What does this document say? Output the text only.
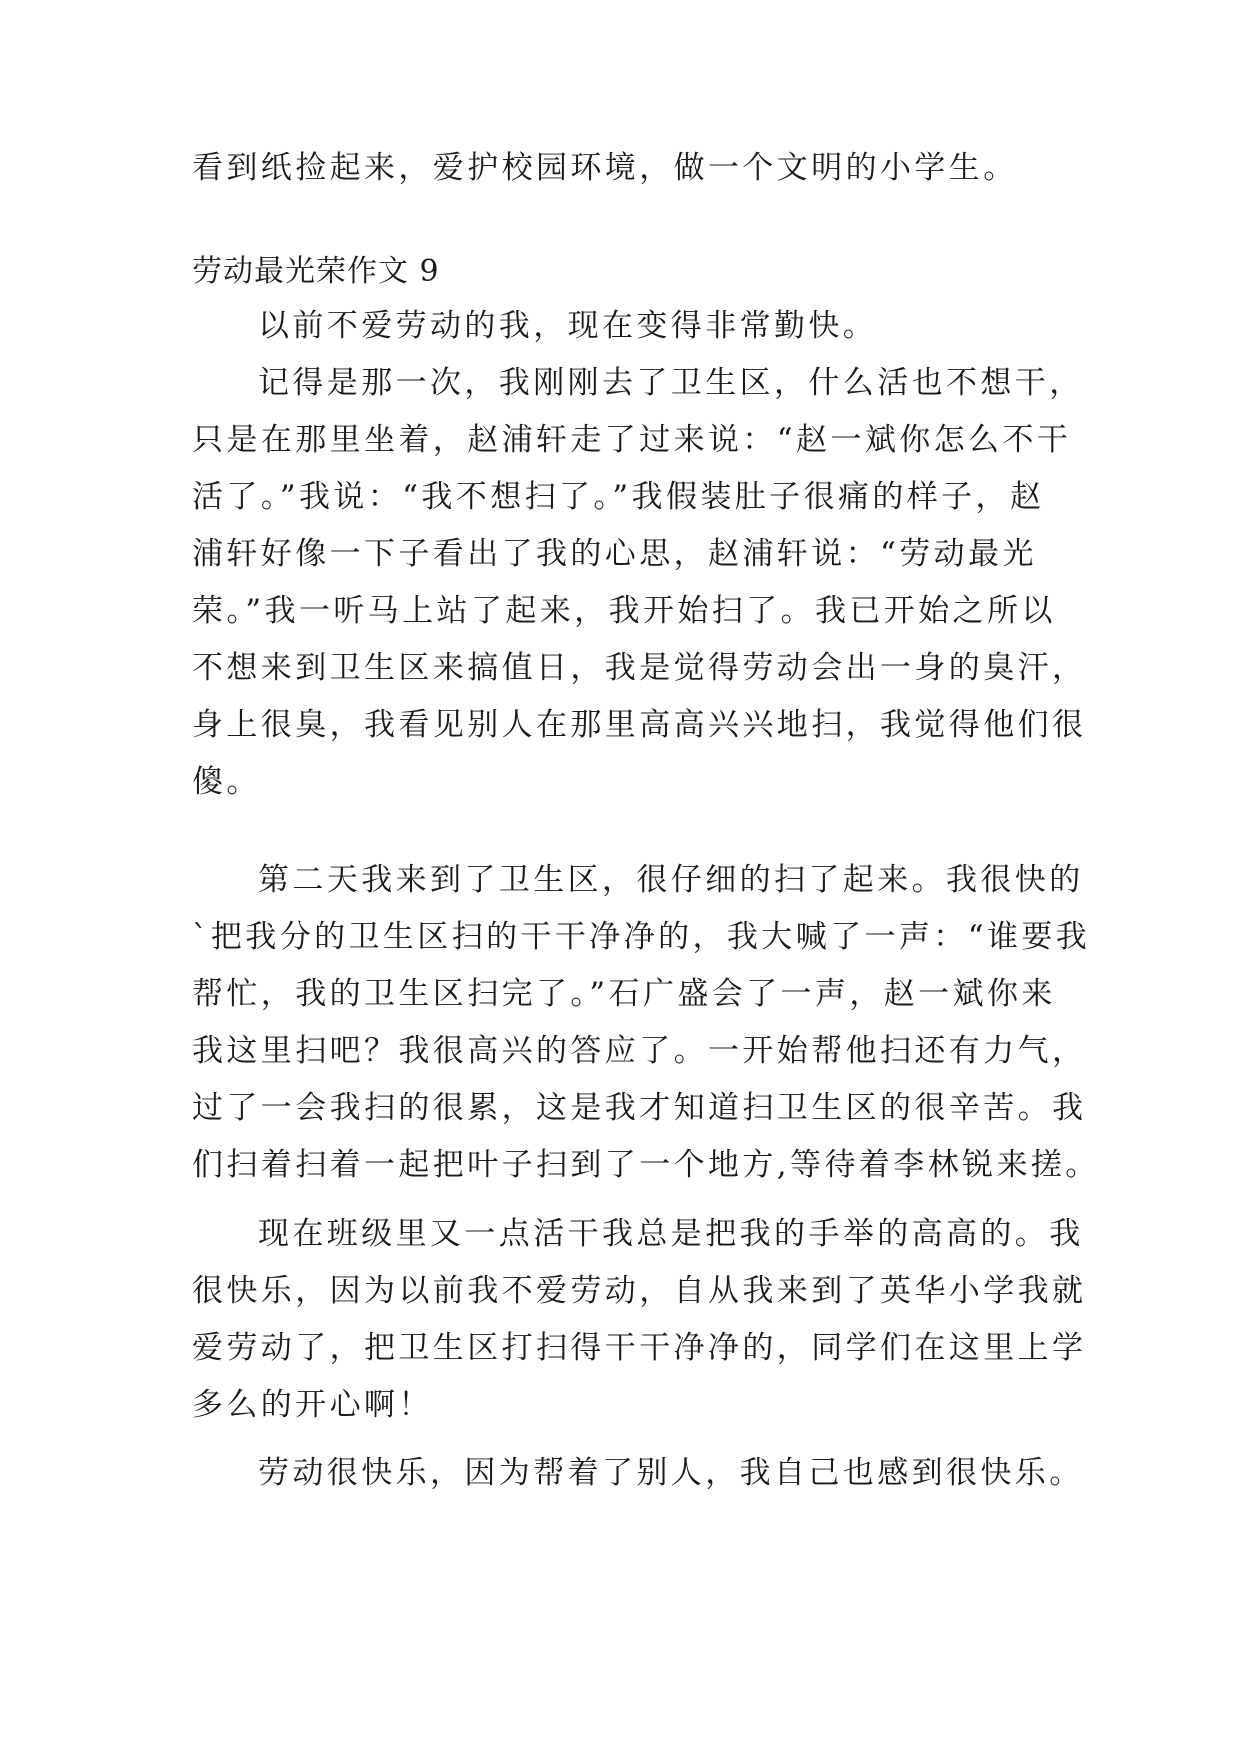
看到纸捡起来，爱护校园环境，做一个文明的小学生。
劳动最光荣作文 9
以前不爱劳动的我，现在变得非常勤快。
记得是那一次，我刚刚去了卫生区，什么活也不想干，
只是在那里坐着，赵浦轩走了过来说：“赵一斌你怎么不干
活了。”我说：“我不想扫了。”我假装肚子很痛的样子，赵
浦轩好像一下子看出了我的心思，赵浦轩说：“劳动最光
荣。”我一听马上站了起来，我开始扫了。我已开始之所以
不想来到卫生区来搞值日，我是觉得劳动会出一身的臭汗，
身上很臭，我看见别人在那里高高兴兴地扫，我觉得他们很
傻。
第二天我来到了卫生区，很仔细的扫了起来。我很快的
`把我分的卫生区扫的干干净净的，我大喊了一声：“谁要我
帮忙，我的卫生区扫完了。”石广盛会了一声，赵一斌你来
我这里扫吧？我很高兴的答应了。一开始帮他扫还有力气，
过了一会我扫的很累，这是我才知道扫卫生区的很辛苦。我
们扫着扫着一起把叶子扫到了一个地方,等待着李林锐来搓。
现在班级里又一点活干我总是把我的手举的高高的。我
很快乐，因为以前我不爱劳动，自从我来到了英华小学我就
爱劳动了，把卫生区打扫得干干净净的，同学们在这里上学
多么的开心啊！
劳动很快乐，因为帮着了别人，我自己也感到很快乐。
